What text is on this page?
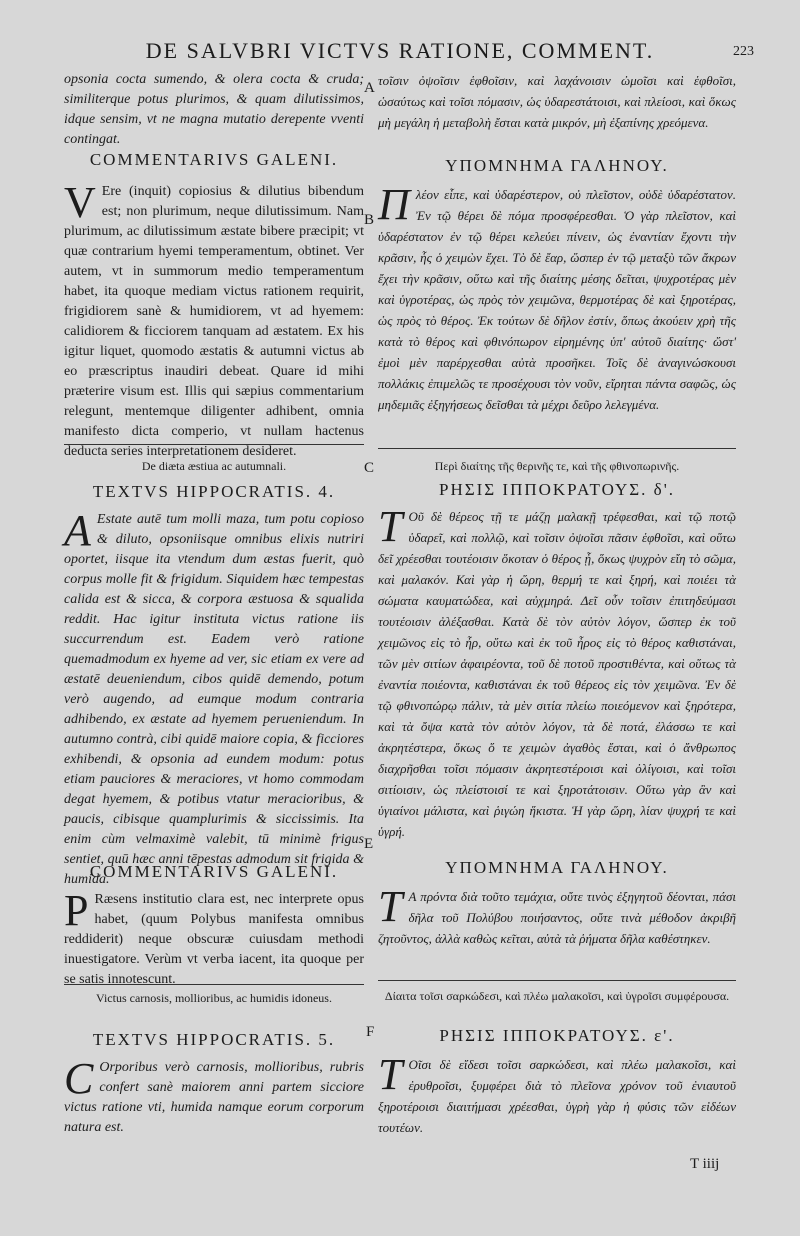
DE SALVBRI VICTVS RATIONE, COMMENT.	223
A
B
C
E
F
opsonia cocta sumendo, & olera cocta & cruda; similiterque potus plurimos, & quam dilutissimos, idque sensim, vt ne magna mutatio derepente vventi contingat.

COMMENTARIVS GALENI.

V Ere (inquit) copiosius & dilutius bibendum est; non plurimum, neque dilutissimum. Nam plurimum, ac dilutissimum æstate bibere præcipit; vt quæ contrarium hyemi temperamentum, obtinet. Ver autem, vt in summorum medio temperamentum habet, ita quoque mediam victus rationem requirit, frigidiorem sanè & humidiorem, vt ad hyemem: calidiorem & ficciorem tanquam ad æstatem. Ex his igitur liquet, quomodo æstatis & autumni victus ab eo præscriptus inaudiri debeat. Quare id mihi præterire visum est. Illis qui sæpius commentarium relegunt, mentemque diligenter adhibent, omnia manifesto dicta comperio, vt nullam hactenus deducta series interpretationem desideret.
De diæta æstiua ac autumnali.

TEXTVS HIPPOCRATIS. 4.

A Estate autē tum molli maza, tum potu copioso & diluto, opsoniisque omnibus elixis nutriri oportet, iisque ita vtendum dum æstas fuerit, quò corpus molle fit & frigidum. Siquidem hæc tempestas calida est & sicca, & corpora æstuosa & squalida reddit. Hac igitur instituta victus ratione iis succurrendum est. Eadem verò ratione quemadmodum ex hyeme ad ver, sic etiam ex vere ad æstatē deueniendum, cibos quidē demendo, potum verò augendo, ad eumque modum contraria adhibendo, ex æstate ad hyemem perueniendum. In autumno contrà, cibi quidē maiore copia, & ficciores exhibendi, & opsonia ad eundem modum: potus etiam pauciores & meraciores, vt homo commodam degat hyemem, & potibus vtatur meracioribus, & paucis, cibisque quamplurimis & siccissimis. Ita enim cùm velmaximè valebit, tū minimè frigus sentiet, quū hæc anni tēpestas admodum sit frigida & humida.

COMMENTARIVS GALENI.

P Ræsens institutio clara est, nec interprete opus habet, (quum Polybus manifesta omnibus reddiderit) neque obscuræ cuiusdam methodi inuestigatore. Verùm vt verba iacent, ita quoque per se satis innotescunt.
Victus carnosis, mollioribus, ac humidis idoneus.

TEXTVS HIPPOCRATIS. 5.

C Orporibus verò carnosis, mollioribus, rubris confert sanè maiorem anni partem sicciore victus ratione vti, humida namque eorum corporum natura est.
τοῖσιν ὀψοῖσιν ἑφθοῖσιν, καὶ λαχάνοισιν ὠμοῖσι καὶ ἑφθοῖσι, ὡσαύτως καὶ τοῖσι πόμασιν, ὡς ὑδαρεστάτοισι, καὶ πλείοσι, καὶ ὅκως μὴ μεγάλη ἡ μεταβολὴ ἔσται κατὰ μικρόν, μὴ ἐξαπίνης χρεόμενα.

ΥΠΟΜΝΗΜΑ ΓΑΛΗΝΟΥ.

Πλέον εἶπε, καὶ ὑδαρέστερον, οὐ πλεῖστον, οὐδὲ ὑδαρέστατον. Ἐν τῷ θέρει δὲ πόμα προσφέρεσθαι. Ὁ γὰρ πλεῖστον, καὶ ὑδαρέστατον ἐν τῷ θέρει κελεύει πίνειν, ὡς ἐναντίαν ἔχοντι τὴν κρᾶσιν, ἧς ὁ χειμὼν ἔχει. Τὸ δὲ ἔαρ, ὥσπερ ἐν τῷ μεταξὺ τῶν ἄκρων ἔχει τὴν κρᾶσιν, οὕτω καὶ τῆς διαίτης μέσης δεῖται, ψυχροτέρας μὲν καὶ ὑγροτέρας, ὡς πρὸς τὸν χειμῶνα, θερμοτέρας δὲ καὶ ξηροτέρας, ὡς πρὸς τὸ θέρος. Ἐκ τούτων δὲ δῆλον ἐστίν, ὅπως ἀκούειν χρὴ τῆς κατὰ τὸ θέρος καὶ φθινόπωρον εἰρημένης ὑπ' αὐτοῦ διαίτης· ὥστ' ἐμοὶ μὲν παρέρχεσθαι αὐτὰ προσῆκει. Τοῖς δὲ ἀναγινώσκουσι πολλάκις ἐπιμελῶς τε προσέχουσι τὸν νοῦν, εἴρηται πάντα σαφῶς, ὡς μηδεμιᾶς ἐξηγήσεως δεῖσθαι τὰ μέχρι δεῦρο λελεγμένα.
Περὶ διαίτης τῆς θερινῆς τε, καὶ τῆς φθινοπωρινῆς.

ΡΗΣΙΣ ΙΠΠΟΚΡΑΤΟΥΣ. δ'.

Τ Οῦ δὲ θέρεος τῇ τε μάζῃ μαλακῇ τρέφεσθαι, καὶ τῷ ποτῷ ὑδαρεῖ, καὶ πολλῷ, καὶ τοῖσιν ὀψοῖσι πᾶσιν ἑφθοῖσι, καὶ οὕτω δεῖ χρέεσθαι τουτέοισιν ὅκοταν ὁ θέρος ᾖ, ὅκως ψυχρὸν εἴη τὸ σῶμα, καὶ μαλακόν. Καὶ γὰρ ἡ ὥρη, θερμή τε καὶ ξηρή, καὶ ποιέει τὰ σώματα καυματώδεα, καὶ αὐχμηρά. Δεῖ οὖν τοῖσιν ἐπιτηδεύμασι τουτέοισιν ἀλέξασθαι. Κατὰ δὲ τὸν αὐτὸν λόγον, ὥσπερ ἐκ τοῦ χειμῶνος εἰς τὸ ἦρ, οὕτω καὶ ἐκ τοῦ ἦρος εἰς τὸ θέρος καθιστάναι, τῶν μὲν σιτίων ἀφαιρέοντα, τοῦ δὲ ποτοῦ προστιθέντα, καὶ οὕτως τὰ ἐναντία ποιέοντα, καθιστάναι ἐκ τοῦ θέρεος εἰς τὸν χειμῶνα. Ἐν δὲ τῷ φθινοπώρῳ πάλιν, τὰ μὲν σιτία πλείω ποιεόμενον καὶ ξηρότερα, καὶ τὰ ὄψα κατὰ τὸν αὐτὸν λόγον, τὰ δὲ ποτά, ἐλάσσω τε καὶ ἀκρητέστερα, ὅκως ὅ τε χειμὼν ἀγαθὸς ἔσται, καὶ ὁ ἄνθρωπος διαχρῆσθαι τοῖσι πόμασιν ἀκρητεστέροισι καὶ ὀλίγοισι, καὶ τοῖσι σιτίοισιν, ὡς πλείστοισί τε καὶ ξηροτάτοισιν. Οὕτω γὰρ ἂν καὶ ὑγιαίνοι μάλιστα, καὶ ῥιγώη ἥκιστα. Ἡ γὰρ ὥρη, λίαν ψυχρή τε καὶ ὑγρή.

ΥΠΟΜΝΗΜΑ ΓΑΛΗΝΟΥ.

Τ Α πρόντα διὰ τοῦτο τεμάχια, οὔτε τινὸς ἐξηγητοῦ δέονται, πάσι δῆλα τοῦ Πολύβου ποιήσαντος, οὔτε τινὰ μέθοδον ἀκριβῆ ζητοῦντος, ἀλλὰ καθὼς κεῖται, αὐτὰ τὰ ῥήματα δῆλα καθέστηκεν.
Δίαιτα τοῖσι σαρκώδεσι, καὶ πλέω μαλακοῖσι, καὶ ὑγροῖσι συμφέρουσα.

ΡΗΣΙΣ ΙΠΠΟΚΡΑΤΟΥΣ. ε'.

Τ Οῖσι δὲ εἴδεσι τοῖσι σαρκώδεσι, καὶ πλέω μαλακοῖσι, καὶ ἐρυθροῖσι, ξυμφέρει διὰ τὸ πλεῖονα χρόνον τοῦ ἐνιαυτοῦ ξηροτέροισι διαιτήμασι χρέεσθαι, ὑγρὴ γὰρ ἡ φύσις τῶν εἰδέων τουτέων.
T iiij
